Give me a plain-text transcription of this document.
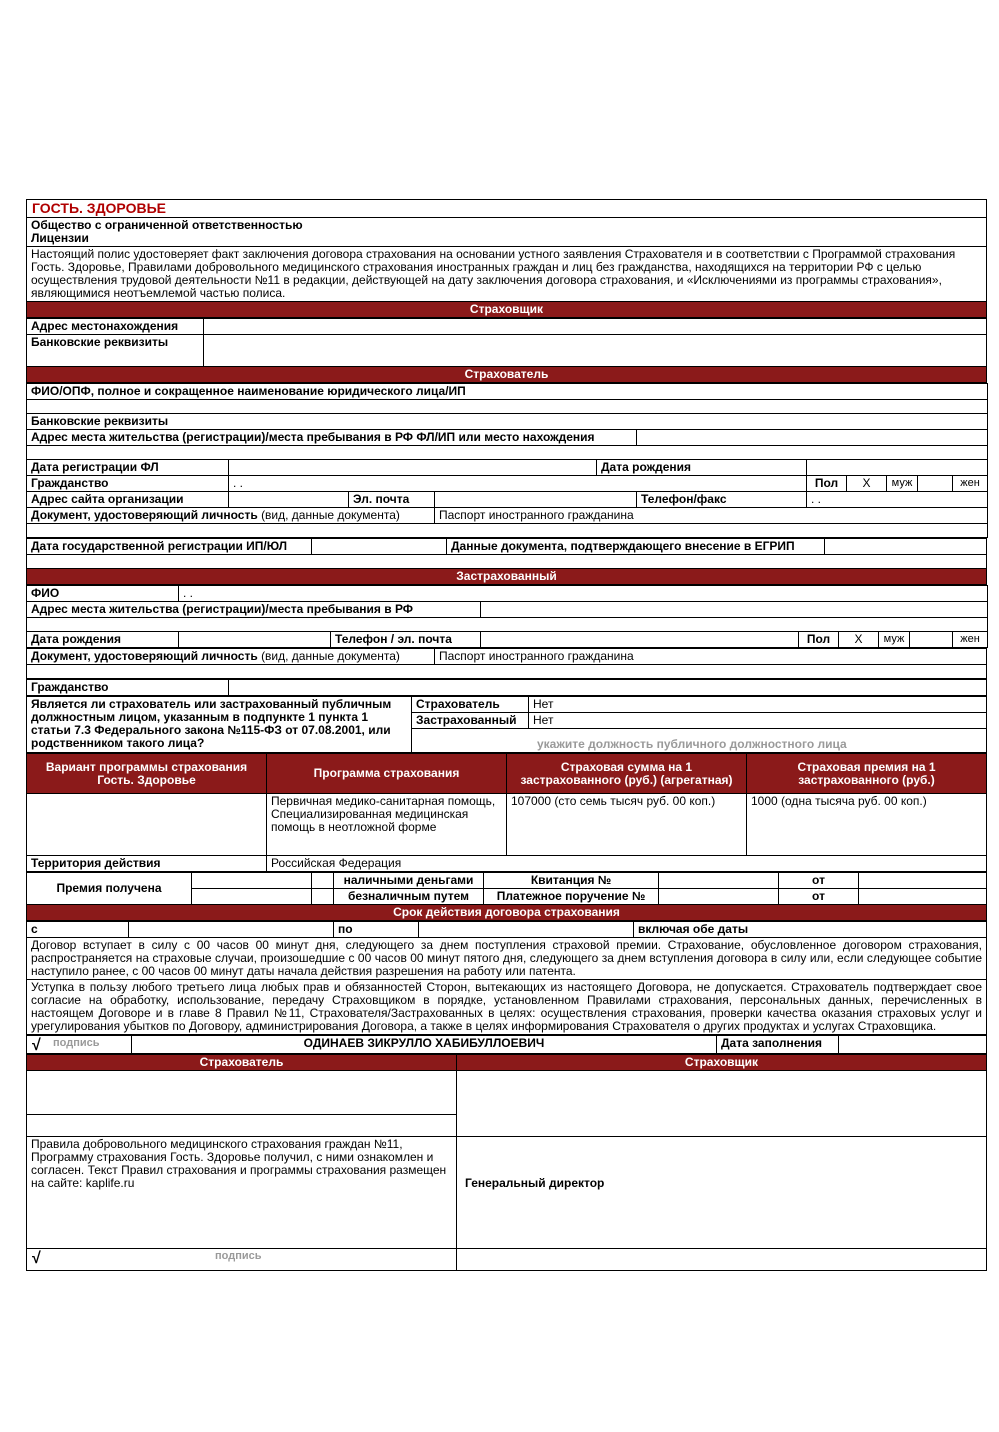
ГОСТЬ. ЗДОРОВЬЕ

Общество с ограниченной ответственностью
Лицензии

Настоящий полис удостоверяет факт заключения договора страхования на основании устного заявления Страхователя и в соответствии с Программой страхования Гость. Здоровье, Правилами добровольного медицинского страхования иностранных граждан и лиц без гражданства, находящихся на территории РФ с целью осуществления трудовой деятельности №11 в редакции, действующей на дату заключения договора страхования, и «Исключениями из программы страхования», являющимися неотъемлемой частью полиса.
Страховщик
Адрес местонахождения	
Банковские реквизиты	
Страхователь	
ФИО/ОПФ, полное и сокращенное наименование юридического лица/ИП										

Банковские реквизиты										
Адрес места жительства (регистрации)/места пребывания в РФ ФЛ/ИП или место нахождения										

Дата регистрации ФЛ				Дата рождения						
Гражданство	. .					Пол	X	муж		жен
Адрес сайта организации		Эл. почта			Телефон/факс	. .				
Документ, удостоверяющий личность (вид, данные документа)			Паспорт иностранного гражданина							

Дата государственной регистрации ИП/ЮЛ		Данные документа, подтверждающего внесение в ЕГРИП	

Застрахованный
ФИО	. .							
Адрес места жительства (регистрации)/места пребывания в РФ								

Дата рождения		Телефон / эл. почта		Пол	X	муж		жен
Документ, удостоверяющий личность (вид, данные документа)	Паспорт иностранного гражданина

Гражданство	
Является ли страхователь или застрахованный публичным должностным лицом, указанным в подпункте 1 пункта 1 статьи 7.3 Федерального закона №115-ФЗ от 07.08.2001, или родственником такого лица?	Страхователь	Нет
	Застрахованный	Нет
	укажите должность публичного должностного лица	
Вариант программы страхования Гость. Здоровье	Программа страхования	Страховая сумма на 1 застрахованного (руб.) (агрегатная)	Страховая премия на 1 застрахованного (руб.)
	Первичная медико-санитарная помощь, Специализированная медицинская помощь в неотложной форме	107000 (сто семь тысяч руб. 00 коп.)	1000 (одна тысяча руб. 00 коп.)
Территория действия	Российская Федерация		
Премия получена			наличными деньгами	Квитанция №		от	
			безналичным путем	Платежное поручение №		от	
Срок действия договора страхования							
с		по		включая обе даты
Договор вступает в силу с 00 часов 00 минут дня, следующего за днем поступления страховой премии. Страхование, обусловленное договором страхования, распространяется на страховые случаи, произошедшие с 00 часов 00 минут пятого дня, следующего за днем вступления договора в силу или, если следующее событие наступило ранее, с 00 часов 00 минут даты начала действия разрешения на работу или патента.
Уступка в пользу любого третьего лица любых прав и обязанностей Сторон, вытекающих из настоящего Договора, не допускается. Страхователь подтверждает свое согласие на обработку, использование, передачу Страховщиком в порядке, установленном Правилами страхования, персональных данных, перечисленных в настоящем Договоре и в главе 8 Правил №11, Страхователя/Застрахованных в целях: осуществления страхования, проверки качества оказания страховых услуг и урегулирования убытков по Договору, администрирования Договора, а также в целях информирования Страхователя о других продуктах и услугах Страховщика.
√ подпись	ОДИНАЕВ ЗИКРУЛЛО ХАБИБУЛЛОЕВИЧ	Дата заполнения	
Страхователь	Страховщик

Правила добровольного медицинского страхования граждан №11, Программу страхования Гость. Здоровье получил, с ними ознакомлен и согласен. Текст Правил страхования и программы страхования размещен на сайте: kaplife.ru	Генеральный директор

√ подпись	
